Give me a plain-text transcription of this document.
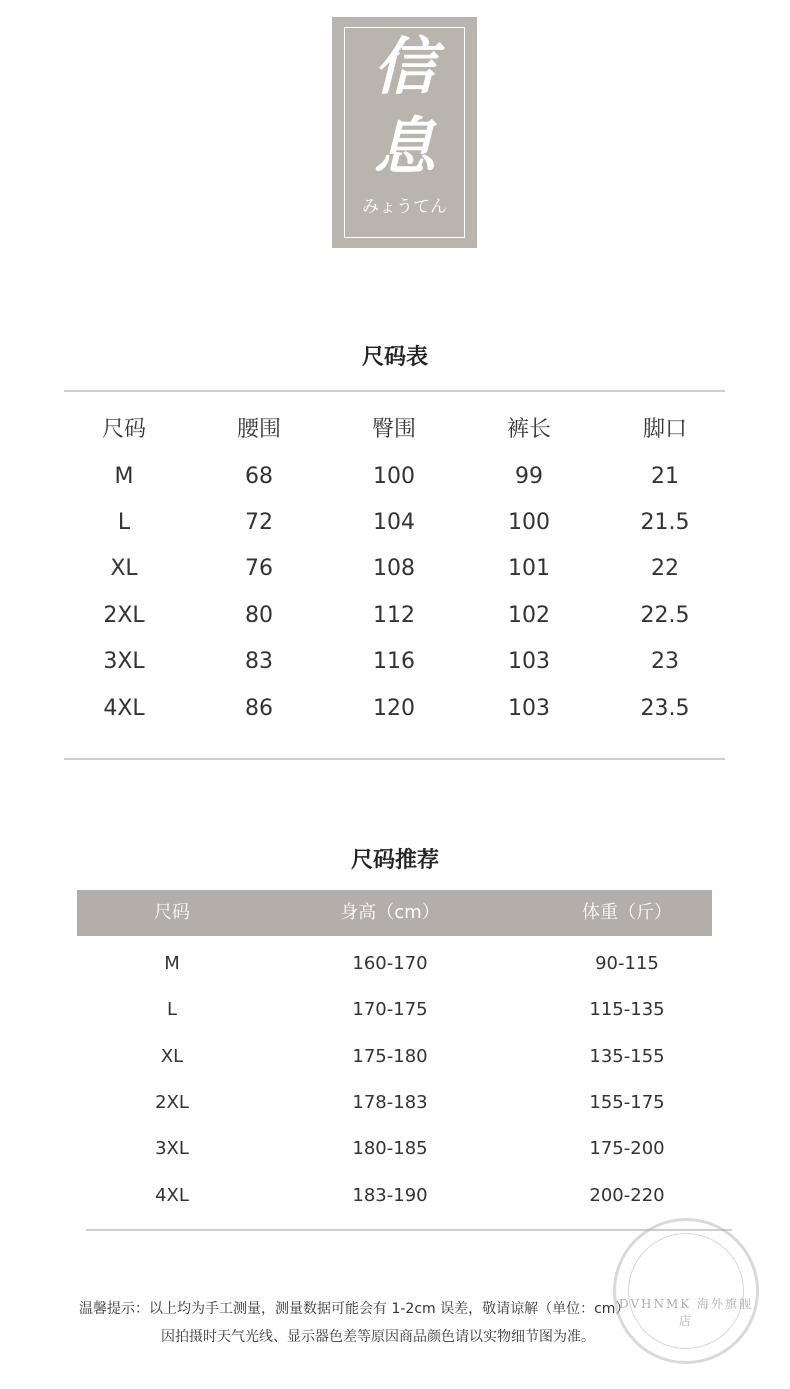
信
息
みょうてん
尺码表
尺码	腰围	臀围	裤长	脚口
M	68	100	99	21
L	72	104	100	21.5
XL	76	108	101	22
2XL	80	112	102	22.5
3XL	83	116	103	23
4XL	86	120	103	23.5
尺码推荐
尺码	身高（cm）	体重（斤）
M	160-170	90-115
L	170-175	115-135
XL	175-180	135-155
2XL	178-183	155-175
3XL	180-185	175-200
4XL	183-190	200-220
温馨提示：以上均为手工测量，测量数据可能会有 1-2cm 误差，敬请谅解（单位：cm）
因拍摄时天气光线、显示器色差等原因商品颜色请以实物细节图为准。
DVHNMK 海外旗舰店
